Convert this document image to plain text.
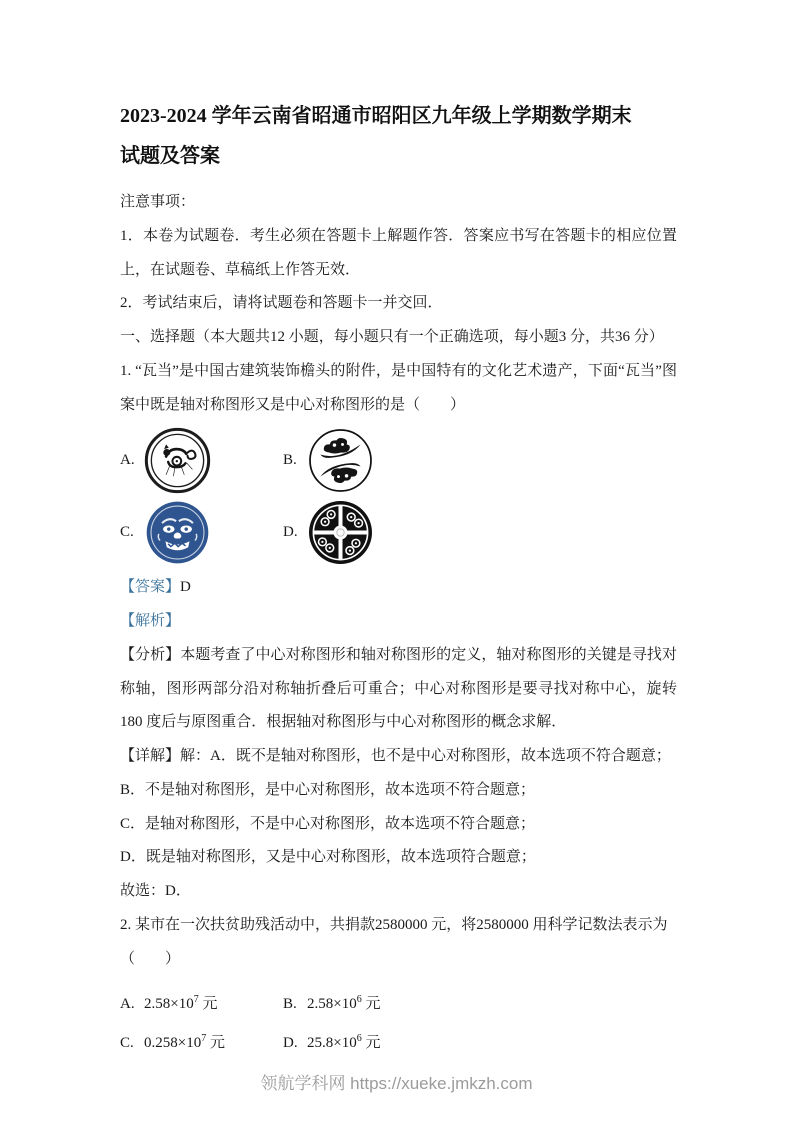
2023-2024 学年云南省昭通市昭阳区九年级上学期数学期末
试题及答案

注意事项：

1．本卷为试题卷．考生必须在答题卡上解题作答．答案应书写在答题卡的相应位置上，在试题卷、草稿纸上作答无效．

2．考试结束后，请将试题卷和答题卡一并交回．

一、选择题（本大题共12 小题，每小题只有一个正确选项，每小题3 分，共36 分）

1. “瓦当”是中国古建筑装饰檐头的附件，是中国特有的文化艺术遗产，下面“瓦当”图案中既是轴对称图形又是中心对称图形的是（　　）

A.	B.
C.	D.

【答案】D

【解析】

【分析】本题考查了中心对称图形和轴对称图形的定义，轴对称图形的关键是寻找对称轴，图形两部分沿对称轴折叠后可重合；中心对称图形是要寻找对称中心，旋转180 度后与原图重合．根据轴对称图形与中心对称图形的概念求解．

【详解】解：A．既不是轴对称图形，也不是中心对称图形，故本选项不符合题意；

B．不是轴对称图形，是中心对称图形，故本选项不符合题意；

C．是轴对称图形，不是中心对称图形，故本选项不符合题意；

D．既是轴对称图形，又是中心对称图形，故本选项符合题意；

故选：D．

2. 某市在一次扶贫助残活动中，共捐款2580000 元，将2580000 用科学记数法表示为

（　　）

A. $2.58\times 10^7$ 元	B. $2.58\times 10^6$ 元
C. $0.258\times 10^7$ 元	D. $25.8\times 10^6$ 元
领航学科网 https://xueke.jmkzh.com
